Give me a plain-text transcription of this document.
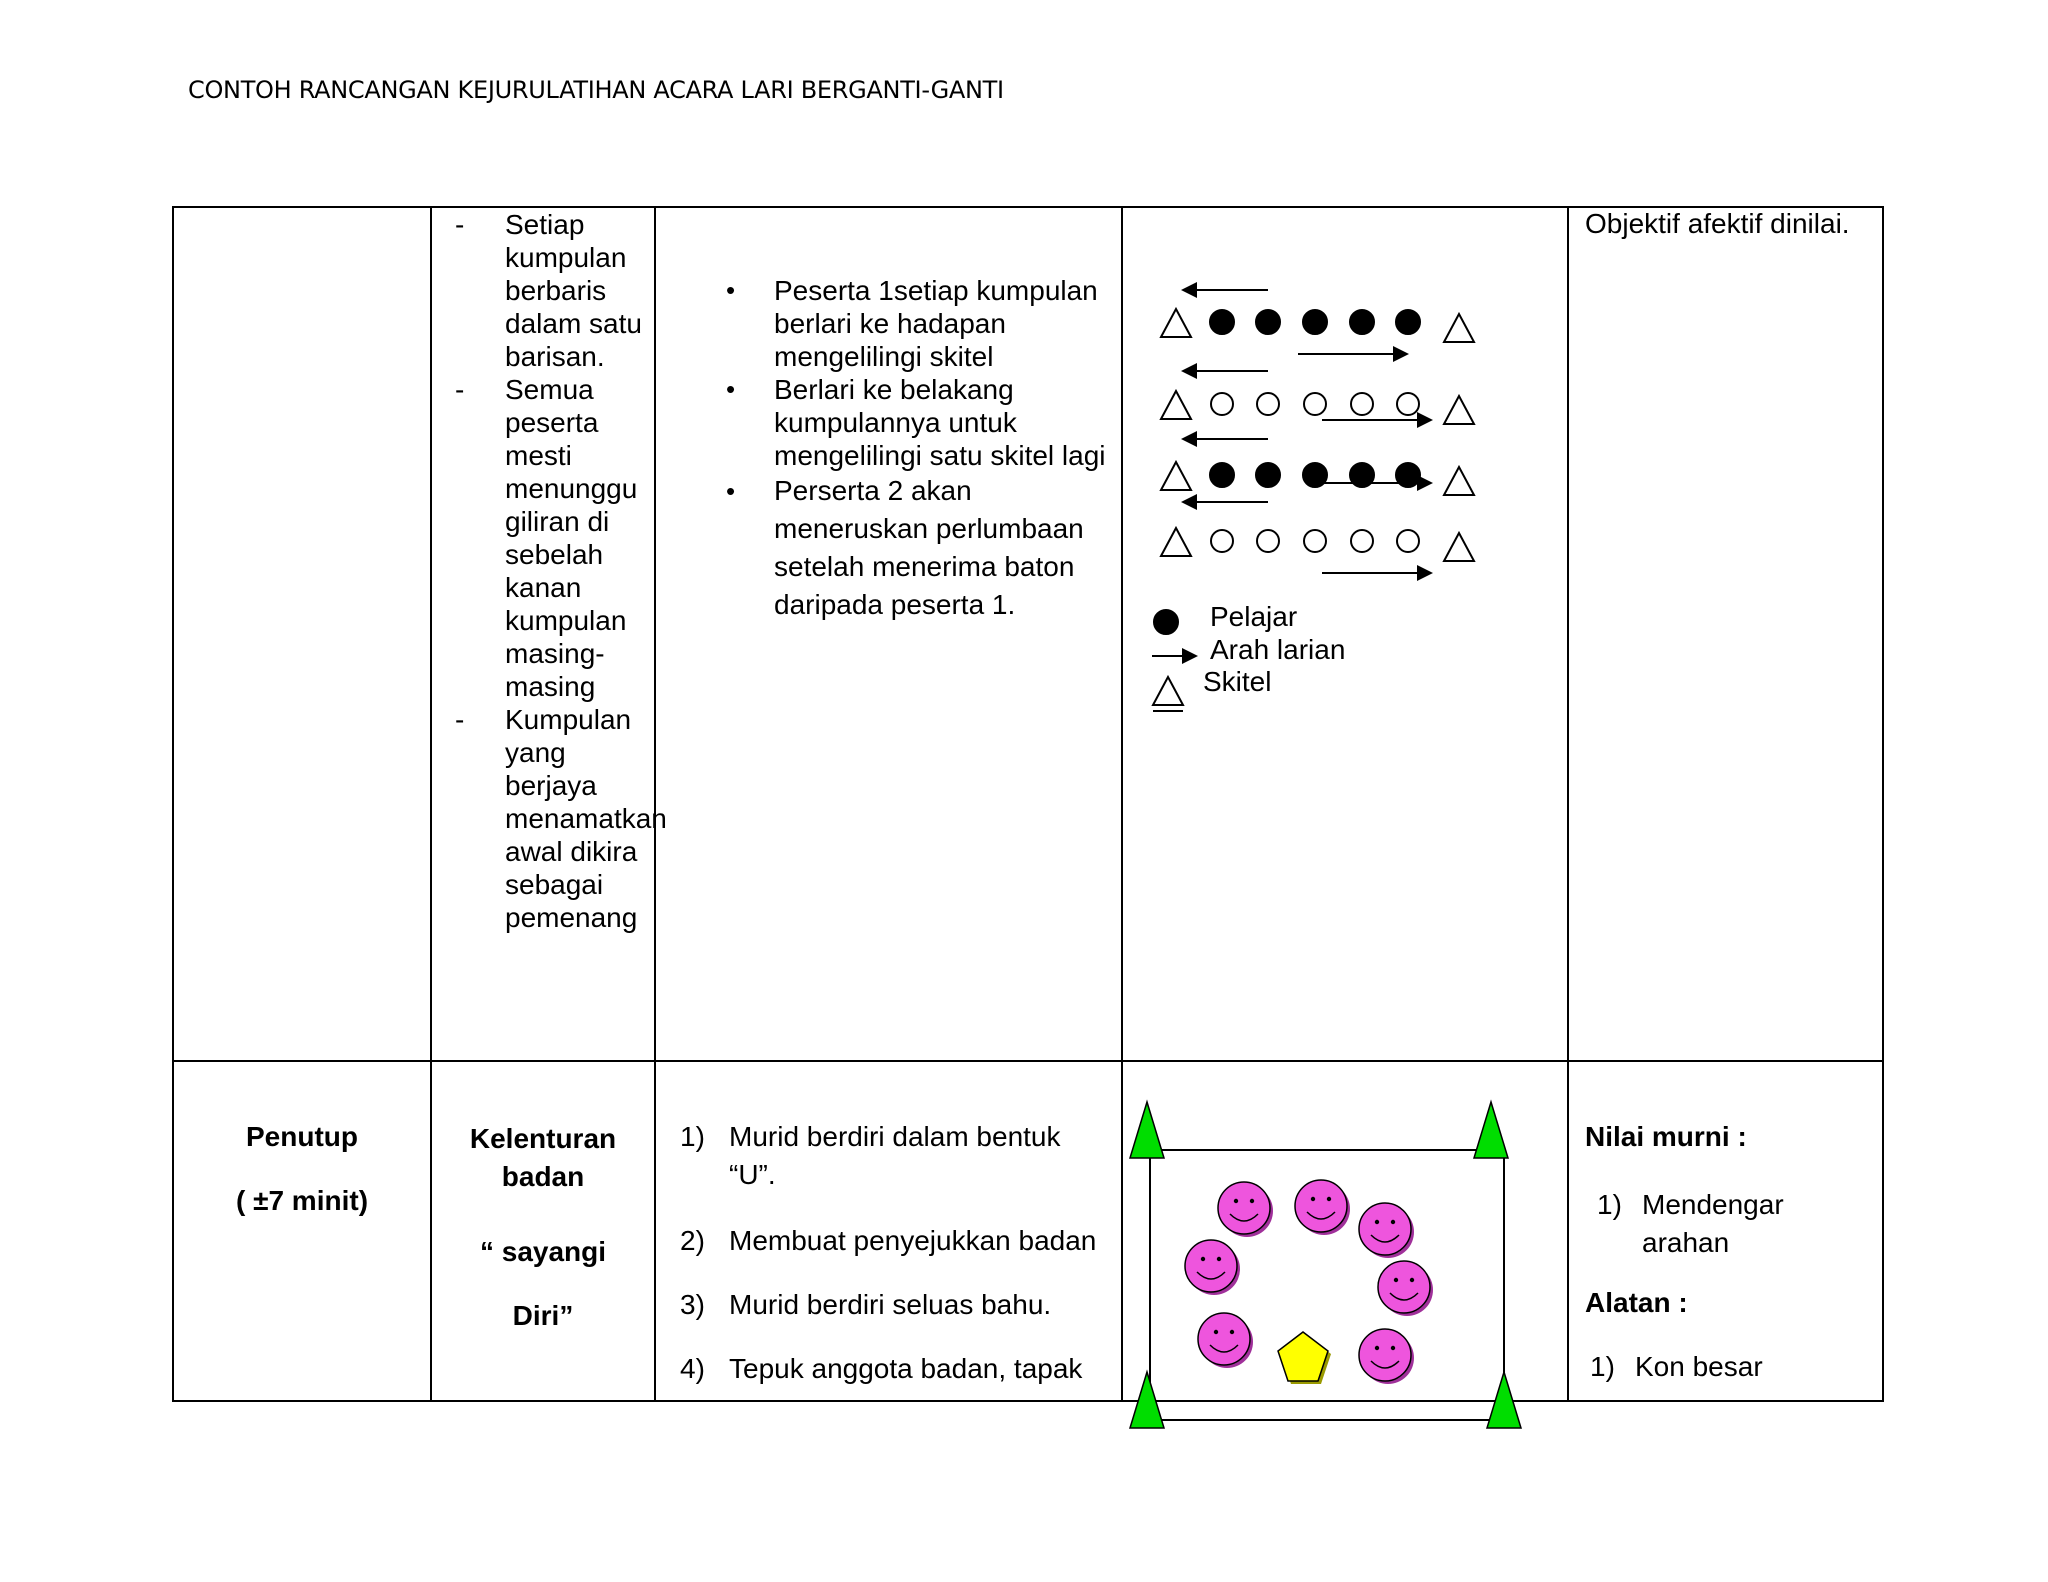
CONTOH RANCANGAN KEJURULATIHAN ACARA LARI BERGANTI-GANTI
- Setiap kumpulan berbaris dalam satu barisan.
- Semua peserta mesti menunggu giliran di sebelah kanan kumpulan masing-masing
- Kumpulan yang berjaya menamatkan awal dikira sebagai pemenang
• Peserta 1setiap kumpulan berlari ke hadapan mengelilingi skitel
• Berlari ke belakang kumpulannya untuk mengelilingi satu skitel lagi
• Perserta 2 akan meneruskan perlumbaan setelah menerima baton daripada peserta 1.	Pelajar
Arah larian
Skitel
Objektif afektif dinilai.
Penutup
( ±7 minit)
Kelenturan badan
“ sayangi Diri”
1) Murid berdiri dalam bentuk “U”.
2) Membuat penyejukkan badan
3) Murid berdiri seluas bahu.
4) Tepuk anggota badan, tapak
Nilai murni :
1) Mendengar arahan
Alatan :
1) Kon besar
